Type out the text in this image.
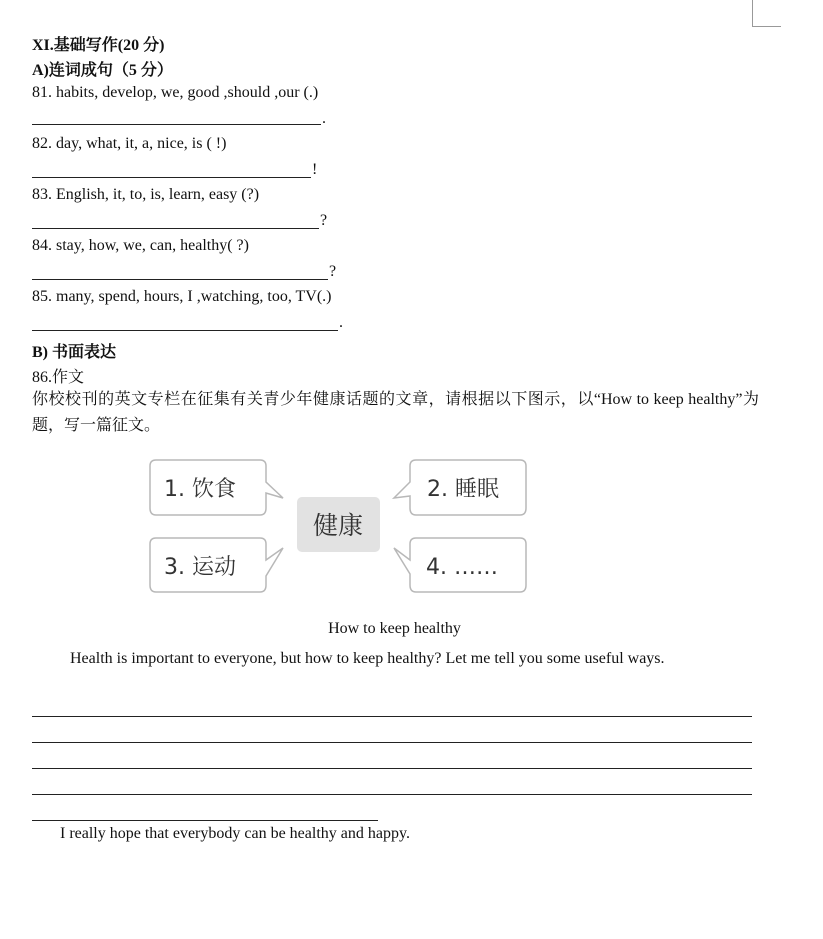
XI.基础写作(20 分)
A)连词成句（5 分）
81. habits, develop, we, good ,should ,our (.)
.
82. day, what, it, a, nice, is ( !)
!
83. English, it, to, is, learn, easy (?)
?
84. stay, how, we, can, healthy( ?)
?
85. many, spend, hours, I ,watching, too, TV(.)
.
B) 书面表达
86.作文
你校校刊的英文专栏在征集有关青少年健康话题的文章，请根据以下图示，以“How to keep healthy”为题，写一篇征文。
1. 饮食	2. 睡眠
3. 运动	4. ……
健康
How to keep healthy
Health is important to everyone, but how to keep healthy? Let me tell you some useful ways.
I really hope that everybody can be healthy and happy.
